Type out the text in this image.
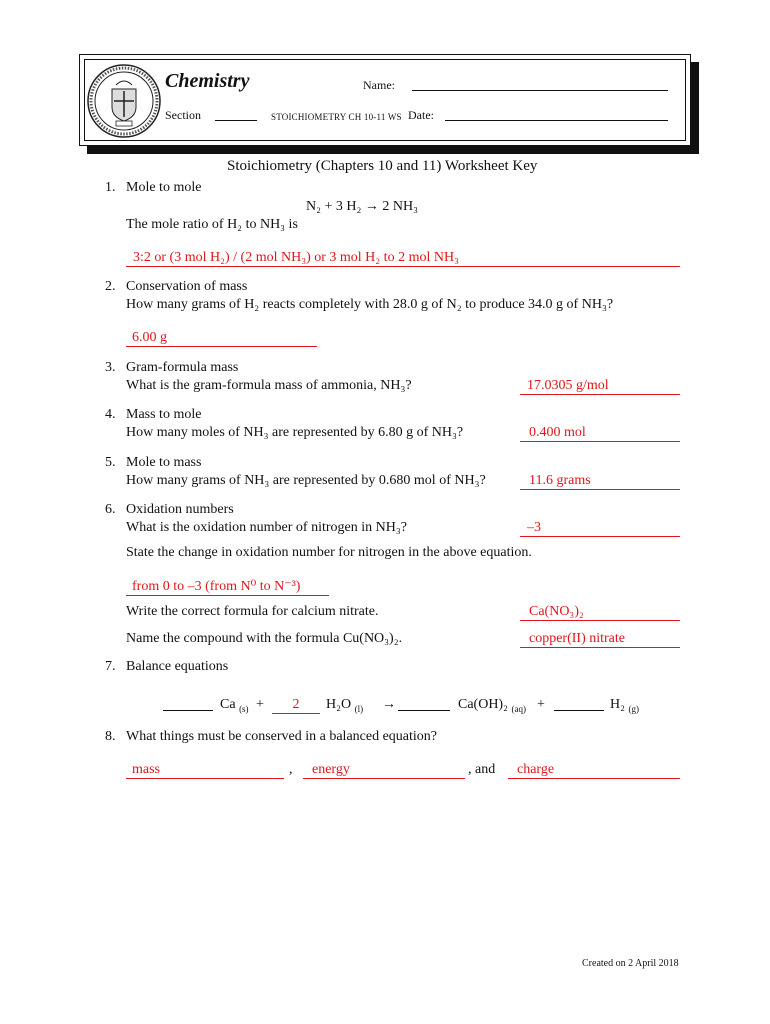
Chemistry	Name:
Section	STOICHIOMETRY CH 10-11 WS Date:
Stoichiometry (Chapters 10 and 11) Worksheet Key
1. Mole to mole
N₂ + 3 H₂ → 2 NH₃
The mole ratio of H₂ to NH₃ is
3:2 or (3 mol H₂) / (2 mol NH₃) or 3 mol H₂ to 2 mol NH₃
2. Conservation of mass
How many grams of H₂ reacts completely with 28.0 g of N₂ to produce 34.0 g of NH₃?
6.00 g
3. Gram-formula mass
What is the gram-formula mass of ammonia, NH₃?	17.0305 g/mol
4. Mass to mole
How many moles of NH₃ are represented by 6.80 g of NH₃?	0.400 mol
5. Mole to mass
How many grams of NH₃ are represented by 0.680 mol of NH₃?	11.6 grams
6. Oxidation numbers
What is the oxidation number of nitrogen in NH₃?	–3
State the change in oxidation number for nitrogen in the above equation.
from 0 to –3 (from N⁰ to N⁻³)
Write the correct formula for calcium nitrate.	Ca(NO₃)₂
Name the compound with the formula Cu(NO₃)₂.	copper(II) nitrate
7. Balance equations
Ca $_{(s)}$ +	2	H₂O $_{(l)}$ →	Ca(OH)₂ $_{(aq)}$ +	H₂ $_{(g)}$
8. What things must be conserved in a balanced equation?
mass	,	energy	, and	charge
Created on 2 April 2018
